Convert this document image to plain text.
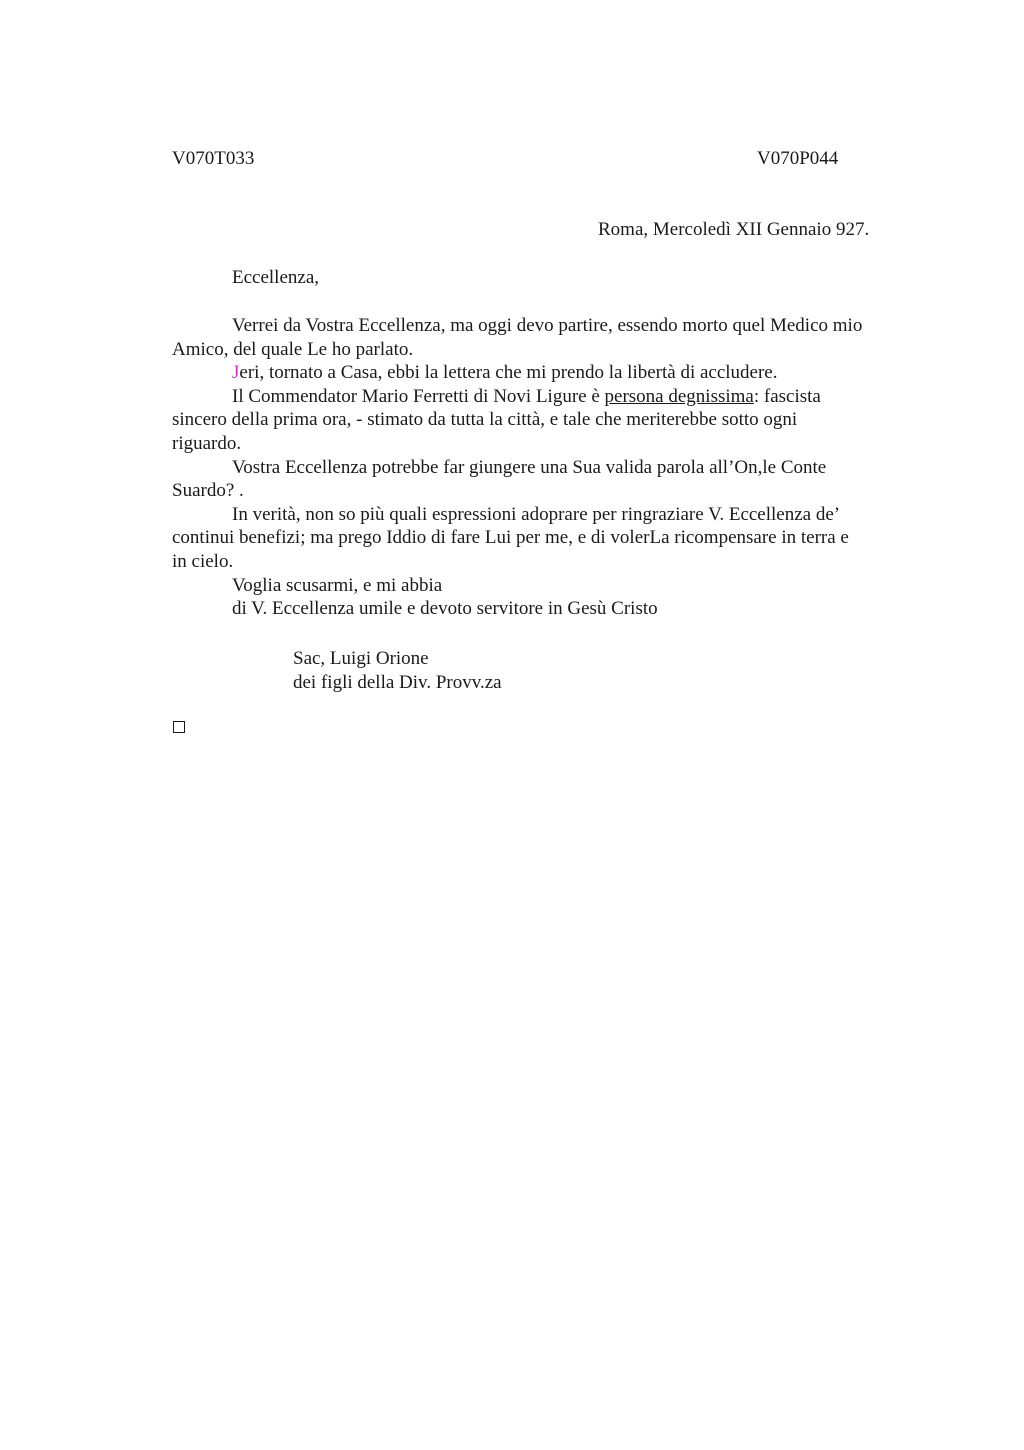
V070T033	V070P044
Roma, Mercoledì XII Gennaio 927.
Eccellenza,

Verrei da Vostra Eccellenza, ma oggi devo partire, essendo morto quel Medico mio
Amico, del quale Le ho parlato.

Jeri, tornato a Casa, ebbi la lettera che mi prendo la libertà di accludere.

Il Commendator Mario Ferretti di Novi Ligure è persona degnissima: fascista
sincero della prima ora, - stimato da tutta la città, e tale che meriterebbe sotto ogni
riguardo.

Vostra Eccellenza potrebbe far giungere una Sua valida parola all’On,le Conte
Suardo? .

In verità, non so più quali espressioni adoprare per ringraziare V. Eccellenza de’
continui benefizi; ma prego Iddio di fare Lui per me, e di volerLa ricompensare in terra e
in cielo.

Voglia scusarmi, e mi abbia
di V. Eccellenza umile e devoto servitore in Gesù Cristo

Sac, Luigi Orione
dei figli della Div. Provv.za
